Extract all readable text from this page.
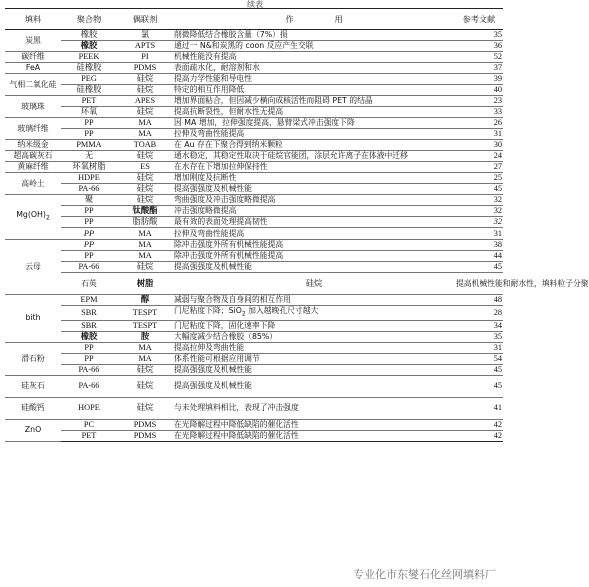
续表
填料	聚合物	偶联剂	作　　　　　用	参考文献	
炭黑	橡胶	氯	削微降低结合橡胶含量（7%）损	35	
	橡胶	APTS	通过一 N&和炭黑的 coon 反应产生交联	36	
碳纤维	PEEK	PI	机械性能没有提高	52	
FeA	硅橡胶	PDMS	表面疏水化，耐溶剂和水	37	
气相二氧化硅	PEG	硅烷	提高力学性能和导电性	39	
	硅橡胶	硅烷	特定的相互作用降低	40	
玻璃珠	PET	APES	增加界面粘合，但因减少横向成核活性而阻碍 PET 的结晶	23	
	环氧	硅烷	提高抗断裂性，但耐水性无提高	33	
玻璃纤维	PP	MA	因 MA 增加，拉伸强度提高，悬臂梁式冲击强度下降	26	
	PP	MA	拉伸及弯曲性能提高	31	
纳米级金	PMMA	TOAB	在 Au 存在下聚合得到纳米颗粒	30	
超高碳灰石	无	硅烷	通水稳定，其稳定性取决于硅烷官能团，涂层允许离子在体液中迁移	24	
黄麻纤维	环氧树脂	ES	在水存在下增加拉伸保持性	27	
高岭土	HDPE	硅烷	增加刚度及抗断性	25	
	PA-66	硅烷	提高强强度及机械性能	45	
$Mg(OH)_2$	聚	硅烷	弯曲强度及冲击强度略微提高	32	
	PP	钛酸酯	冲击强度略微提高	32	
	PP	脂肪酸	最有效的表面处理提高韧性	32	
	PP	MA	拉伸及弯曲性能提高	31	
云母	PP	MA	除冲击强度外所有机械性能提高	38	
	PP	MA	除冲击强度外所有机械性能提高	44	
	PA-66	硅烷	提高强强度及机械性能	45	
	石英	树脂	硅烷	提高机械性能和耐水性，填料粒子分聚	
bith	EPM	醇	减弱与聚合物及自身间的相互作用	48	
	SBR	TESPT	门尼粘度下降；SiO$_2$ 加入越晚孔尺寸越大	28	
	SBR	TESPT	门尼粘度下降，固化速率下降	34	
	橡胶	胺	大幅度减少结合橡胶（85%）	35	
滑石粉	PP	MA	提高拉伸及弯曲性能	31	
	PP	MA	体系性能可根据应用调节	54	
	PA-66	硅烷	提高强强度及机械性能	45	
硅灰石	PA-66	硅烷	提高强强度及机械性能	45	
硅酸钙	HOPE	硅烷	与未处理填料相比，表现了冲击强度	41	
ZnO	PC	PDMS	在光降解过程中降低缺陷的催化活性	42	
	PET	PDMS	在光降解过程中降低缺陷的催化活性	42	
专业化市东燮石化丝网填料厂
